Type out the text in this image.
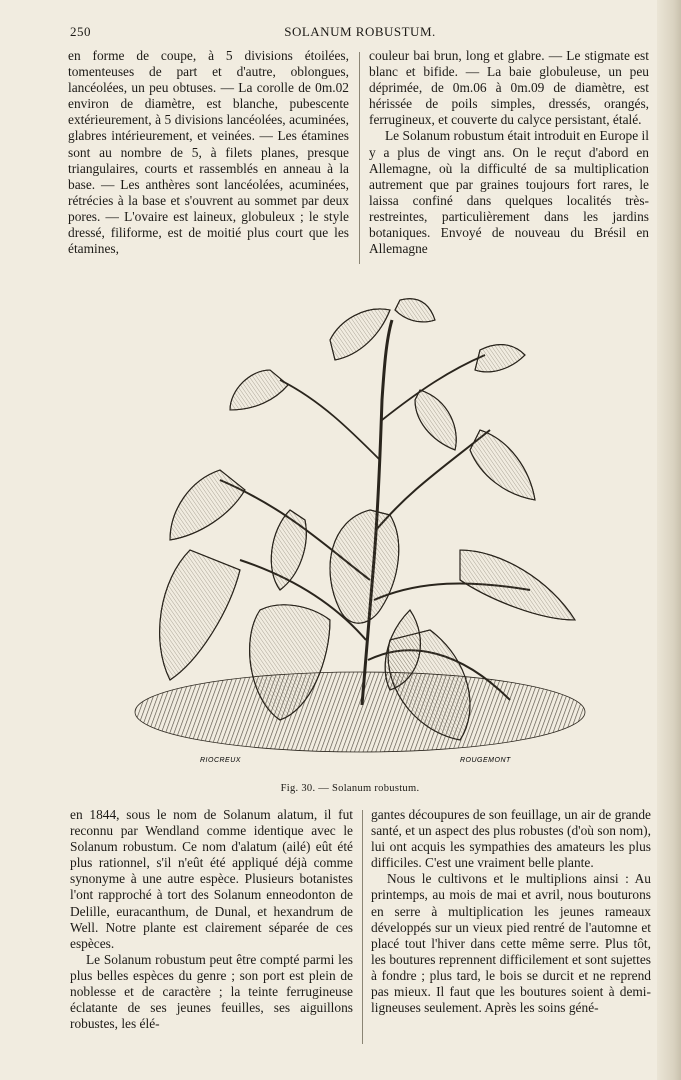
250	SOLANUM ROBUSTUM.

en forme de coupe, à 5 divisions étoilées, tomenteuses de part et d'autre, oblongues, lancéolées, un peu obtuses. — La corolle de 0m.02 environ de diamètre, est blanche, pubescente extérieurement, à 5 divisions lancéolées, acuminées, glabres intérieurement, et veinées. — Les étamines sont au nombre de 5, à filets planes, presque triangulaires, courts et rassemblés en anneau à la base. — Les anthères sont lancéolées, acuminées, rétrécies à la base et s'ouvrent au sommet par deux pores. — L'ovaire est laineux, globuleux ; le style dressé, filiforme, est de moitié plus court que les étamines,

couleur bai brun, long et glabre. — Le stigmate est blanc et bifide. — La baie globuleuse, un peu déprimée, de 0m.06 à 0m.09 de diamètre, est hérissée de poils simples, dressés, orangés, ferrugineux, et couverte du calyce persistant, étalé.

Le Solanum robustum était introduit en Europe il y a plus de vingt ans. On le reçut d'abord en Allemagne, où la difficulté de sa multiplication autrement que par graines toujours fort rares, le laissa confiné dans quelques localités très-restreintes, particulièrement dans les jardins botaniques. Envoyé de nouveau du Brésil en Allemagne

RIOCREUX	ROUGEMONT
Fig. 30. — Solanum robustum.

en 1844, sous le nom de Solanum alatum, il fut reconnu par Wendland comme identique avec le Solanum robustum. Ce nom d'alatum (ailé) eût été plus rationnel, s'il n'eût été appliqué déjà comme synonyme à une autre espèce. Plusieurs botanistes l'ont rapproché à tort des Solanum enneodonton de Delille, euracanthum, de Dunal, et hexandrum de Well. Notre plante est clairement séparée de ces espèces.

Le Solanum robustum peut être compté parmi les plus belles espèces du genre ; son port est plein de noblesse et de caractère ; la teinte ferrugineuse éclatante de ses jeunes feuilles, ses aiguillons robustes, les élé-

gantes découpures de son feuillage, un air de grande santé, et un aspect des plus robustes (d'où son nom), lui ont acquis les sympathies des amateurs les plus difficiles. C'est une vraiment belle plante.

Nous le cultivons et le multiplions ainsi : Au printemps, au mois de mai et avril, nous bouturons en serre à multiplication les jeunes rameaux développés sur un vieux pied rentré de l'automne et placé tout l'hiver dans cette même serre. Plus tôt, les boutures reprennent difficilement et sont sujettes à fondre ; plus tard, le bois se durcit et ne reprend pas mieux. Il faut que les boutures soient à demi-ligneuses seulement. Après les soins géné-
